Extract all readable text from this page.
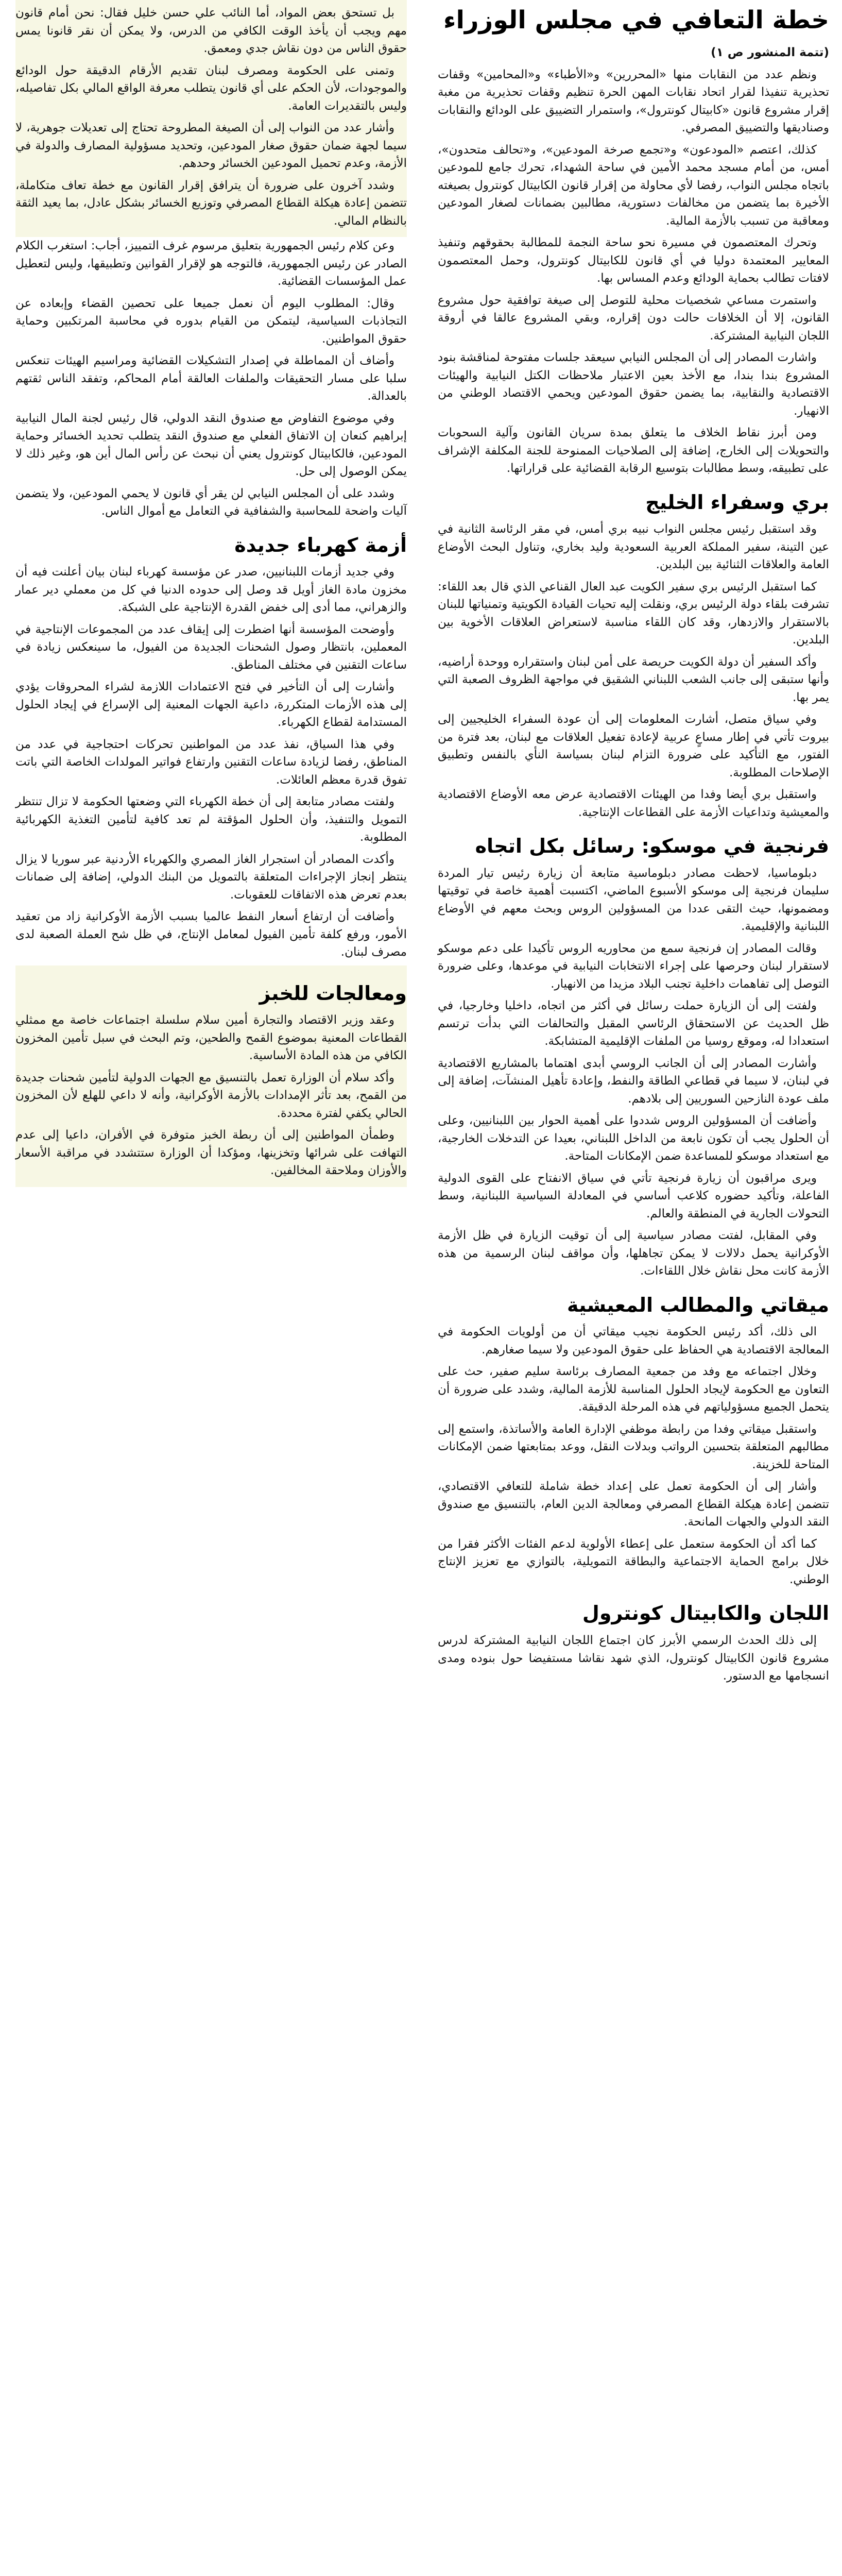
خطة التعافي في مجلس الوزراء

(تتمة المنشور ص ١)

ونظم عدد من النقابات منها «المحررين» و«الأطباء» و«المحامين» وقفات تحذيرية تنفيذا لقرار اتحاد نقابات المهن الحرة تنظيم وقفات تحذيرية من مغبة إقرار مشروع قانون «كابيتال كونترول»، واستمرار التضييق على الودائع والنقابات وصناديقها والتضييق المصرفي.

كذلك، اعتصم «المودعون» و«تجمع صرخة المودعين»، و«تحالف متحدون»، أمس، من أمام مسجد محمد الأمين في ساحة الشهداء، تحرك جامع للمودعين باتجاه مجلس النواب، رفضا لأي محاولة من إقرار قانون الكابيتال كونترول بصيغته الأخيرة بما يتضمن من مخالفات دستورية، مطالبين بضمانات لصغار المودعين ومعاقبة من تسبب بالأزمة المالية.

وتحرك المعتصمون في مسيرة نحو ساحة النجمة للمطالبة بحقوقهم وتنفيذ المعايير المعتمدة دوليا في أي قانون للكابيتال كونترول، وحمل المعتصمون لافتات تطالب بحماية الودائع وعدم المساس بها.

واستمرت مساعي شخصيات محلية للتوصل إلى صيغة توافقية حول مشروع القانون، إلا أن الخلافات حالت دون إقراره، وبقي المشروع عالقا في أروقة اللجان النيابية المشتركة.

واشارت المصادر إلى أن المجلس النيابي سيعقد جلسات مفتوحة لمناقشة بنود المشروع بندا بندا، مع الأخذ بعين الاعتبار ملاحظات الكتل النيابية والهيئات الاقتصادية والنقابية، بما يضمن حقوق المودعين ويحمي الاقتصاد الوطني من الانهيار.

ومن أبرز نقاط الخلاف ما يتعلق بمدة سريان القانون وآلية السحوبات والتحويلات إلى الخارج، إضافة إلى الصلاحيات الممنوحة للجنة المكلفة الإشراف على تطبيقه، وسط مطالبات بتوسيع الرقابة القضائية على قراراتها.

بري وسفراء الخليج

وقد استقبل رئيس مجلس النواب نبيه بري أمس، في مقر الرئاسة الثانية في عين التينة، سفير المملكة العربية السعودية وليد بخاري، وتناول البحث الأوضاع العامة والعلاقات الثنائية بين البلدين.

كما استقبل الرئيس بري سفير الكويت عبد العال القناعي الذي قال بعد اللقاء: تشرفت بلقاء دولة الرئيس بري، ونقلت إليه تحيات القيادة الكويتية وتمنياتها للبنان بالاستقرار والازدهار، وقد كان اللقاء مناسبة لاستعراض العلاقات الأخوية بين البلدين.

وأكد السفير أن دولة الكويت حريصة على أمن لبنان واستقراره ووحدة أراضيه، وأنها ستبقى إلى جانب الشعب اللبناني الشقيق في مواجهة الظروف الصعبة التي يمر بها.

وفي سياق متصل، أشارت المعلومات إلى أن عودة السفراء الخليجيين إلى بيروت تأتي في إطار مساعٍ عربية لإعادة تفعيل العلاقات مع لبنان، بعد فترة من الفتور، مع التأكيد على ضرورة التزام لبنان بسياسة النأي بالنفس وتطبيق الإصلاحات المطلوبة.

واستقبل بري أيضا وفدا من الهيئات الاقتصادية عرض معه الأوضاع الاقتصادية والمعيشية وتداعيات الأزمة على القطاعات الإنتاجية.

فرنجية في موسكو: رسائل بكل اتجاه

دبلوماسيا، لاحظت مصادر دبلوماسية متابعة أن زيارة رئيس تيار المردة سليمان فرنجية إلى موسكو الأسبوع الماضي، اكتسبت أهمية خاصة في توقيتها ومضمونها، حيث التقى عددا من المسؤولين الروس وبحث معهم في الأوضاع اللبنانية والإقليمية.

وقالت المصادر إن فرنجية سمع من محاوريه الروس تأكيدا على دعم موسكو لاستقرار لبنان وحرصها على إجراء الانتخابات النيابية في موعدها، وعلى ضرورة التوصل إلى تفاهمات داخلية تجنب البلاد مزيدا من الانهيار.

ولفتت إلى أن الزيارة حملت رسائل في أكثر من اتجاه، داخليا وخارجيا، في ظل الحديث عن الاستحقاق الرئاسي المقبل والتحالفات التي بدأت ترتسم استعدادا له، وموقع روسيا من الملفات الإقليمية المتشابكة.

وأشارت المصادر إلى أن الجانب الروسي أبدى اهتماما بالمشاريع الاقتصادية في لبنان، لا سيما في قطاعي الطاقة والنفط، وإعادة تأهيل المنشآت، إضافة إلى ملف عودة النازحين السوريين إلى بلادهم.

وأضافت أن المسؤولين الروس شددوا على أهمية الحوار بين اللبنانيين، وعلى أن الحلول يجب أن تكون نابعة من الداخل اللبناني، بعيدا عن التدخلات الخارجية، مع استعداد موسكو للمساعدة ضمن الإمكانات المتاحة.

ويرى مراقبون أن زيارة فرنجية تأتي في سياق الانفتاح على القوى الدولية الفاعلة، وتأكيد حضوره كلاعب أساسي في المعادلة السياسية اللبنانية، وسط التحولات الجارية في المنطقة والعالم.

وفي المقابل، لفتت مصادر سياسية إلى أن توقيت الزيارة في ظل الأزمة الأوكرانية يحمل دلالات لا يمكن تجاهلها، وأن مواقف لبنان الرسمية من هذه الأزمة كانت محل نقاش خلال اللقاءات.

ميقاتي والمطالب المعيشية

الى ذلك، أكد رئيس الحكومة نجيب ميقاتي أن من أولويات الحكومة في المعالجة الاقتصادية هي الحفاظ على حقوق المودعين ولا سيما صغارهم.

وخلال اجتماعه مع وفد من جمعية المصارف برئاسة سليم صفير، حث على التعاون مع الحكومة لإيجاد الحلول المناسبة للأزمة المالية، وشدد على ضرورة أن يتحمل الجميع مسؤولياتهم في هذه المرحلة الدقيقة.

واستقبل ميقاتي وفدا من رابطة موظفي الإدارة العامة والأساتذة، واستمع إلى مطالبهم المتعلقة بتحسين الرواتب وبدلات النقل، ووعد بمتابعتها ضمن الإمكانات المتاحة للخزينة.

وأشار إلى أن الحكومة تعمل على إعداد خطة شاملة للتعافي الاقتصادي، تتضمن إعادة هيكلة القطاع المصرفي ومعالجة الدين العام، بالتنسيق مع صندوق النقد الدولي والجهات المانحة.

كما أكد أن الحكومة ستعمل على إعطاء الأولوية لدعم الفئات الأكثر فقرا من خلال برامج الحماية الاجتماعية والبطاقة التمويلية، بالتوازي مع تعزيز الإنتاج الوطني.

اللجان والكابيتال كونترول

إلى ذلك الحدث الرسمي الأبرز كان اجتماع اللجان النيابية المشتركة لدرس مشروع قانون الكابيتال كونترول، الذي شهد نقاشا مستفيضا حول بنوده ومدى انسجامها مع الدستور.

بل تستحق بعض المواد، أما النائب علي حسن خليل فقال: نحن أمام قانون مهم ويجب أن يأخذ الوقت الكافي من الدرس، ولا يمكن أن نقر قانونا يمس حقوق الناس من دون نقاش جدي ومعمق.

وتمنى على الحكومة ومصرف لبنان تقديم الأرقام الدقيقة حول الودائع والموجودات، لأن الحكم على أي قانون يتطلب معرفة الواقع المالي بكل تفاصيله، وليس بالتقديرات العامة.

وأشار عدد من النواب إلى أن الصيغة المطروحة تحتاج إلى تعديلات جوهرية، لا سيما لجهة ضمان حقوق صغار المودعين، وتحديد مسؤولية المصارف والدولة في الأزمة، وعدم تحميل المودعين الخسائر وحدهم.

وشدد آخرون على ضرورة أن يترافق إقرار القانون مع خطة تعاف متكاملة، تتضمن إعادة هيكلة القطاع المصرفي وتوزيع الخسائر بشكل عادل، بما يعيد الثقة بالنظام المالي.

وعن كلام رئيس الجمهورية بتعليق مرسوم غرف التمييز، أجاب: استغرب الكلام الصادر عن رئيس الجمهورية، فالتوجه هو لإقرار القوانين وتطبيقها، وليس لتعطيل عمل المؤسسات القضائية.

وقال: المطلوب اليوم أن نعمل جميعا على تحصين القضاء وإبعاده عن التجاذبات السياسية، ليتمكن من القيام بدوره في محاسبة المرتكبين وحماية حقوق المواطنين.

وأضاف أن المماطلة في إصدار التشكيلات القضائية ومراسيم الهيئات تنعكس سلبا على مسار التحقيقات والملفات العالقة أمام المحاكم، وتفقد الناس ثقتهم بالعدالة.

وفي موضوع التفاوض مع صندوق النقد الدولي، قال رئيس لجنة المال النيابية إبراهيم كنعان إن الاتفاق الفعلي مع صندوق النقد يتطلب تحديد الخسائر وحماية المودعين، فالكابيتال كونترول يعني أن نبحث عن رأس المال أين هو، وغير ذلك لا يمكن الوصول إلى حل.

وشدد على أن المجلس النيابي لن يقر أي قانون لا يحمي المودعين، ولا يتضمن آليات واضحة للمحاسبة والشفافية في التعامل مع أموال الناس.

أزمة كهرباء جديدة

وفي جديد أزمات اللبنانيين، صدر عن مؤسسة كهرباء لبنان بيان أعلنت فيه أن مخزون مادة الغاز أويل قد وصل إلى حدوده الدنيا في كل من معملي دير عمار والزهراني، مما أدى إلى خفض القدرة الإنتاجية على الشبكة.

وأوضحت المؤسسة أنها اضطرت إلى إيقاف عدد من المجموعات الإنتاجية في المعملين، بانتظار وصول الشحنات الجديدة من الفيول، ما سينعكس زيادة في ساعات التقنين في مختلف المناطق.

وأشارت إلى أن التأخير في فتح الاعتمادات اللازمة لشراء المحروقات يؤدي إلى هذه الأزمات المتكررة، داعية الجهات المعنية إلى الإسراع في إيجاد الحلول المستدامة لقطاع الكهرباء.

وفي هذا السياق، نفذ عدد من المواطنين تحركات احتجاجية في عدد من المناطق، رفضا لزيادة ساعات التقنين وارتفاع فواتير المولدات الخاصة التي باتت تفوق قدرة معظم العائلات.

ولفتت مصادر متابعة إلى أن خطة الكهرباء التي وضعتها الحكومة لا تزال تنتظر التمويل والتنفيذ، وأن الحلول المؤقتة لم تعد كافية لتأمين التغذية الكهربائية المطلوبة.

وأكدت المصادر أن استجرار الغاز المصري والكهرباء الأردنية عبر سوريا لا يزال ينتظر إنجاز الإجراءات المتعلقة بالتمويل من البنك الدولي، إضافة إلى ضمانات بعدم تعرض هذه الاتفاقات للعقوبات.

وأضافت أن ارتفاع أسعار النفط عالميا بسبب الأزمة الأوكرانية زاد من تعقيد الأمور، ورفع كلفة تأمين الفيول لمعامل الإنتاج، في ظل شح العملة الصعبة لدى مصرف لبنان.

ومعالجات للخبز

وعقد وزير الاقتصاد والتجارة أمين سلام سلسلة اجتماعات خاصة مع ممثلي القطاعات المعنية بموضوع القمح والطحين، وتم البحث في سبل تأمين المخزون الكافي من هذه المادة الأساسية.

وأكد سلام أن الوزارة تعمل بالتنسيق مع الجهات الدولية لتأمين شحنات جديدة من القمح، بعد تأثر الإمدادات بالأزمة الأوكرانية، وأنه لا داعي للهلع لأن المخزون الحالي يكفي لفترة محددة.

وطمأن المواطنين إلى أن ربطة الخبز متوفرة في الأفران، داعيا إلى عدم التهافت على شرائها وتخزينها، ومؤكدا أن الوزارة ستتشدد في مراقبة الأسعار والأوزان وملاحقة المخالفين.
